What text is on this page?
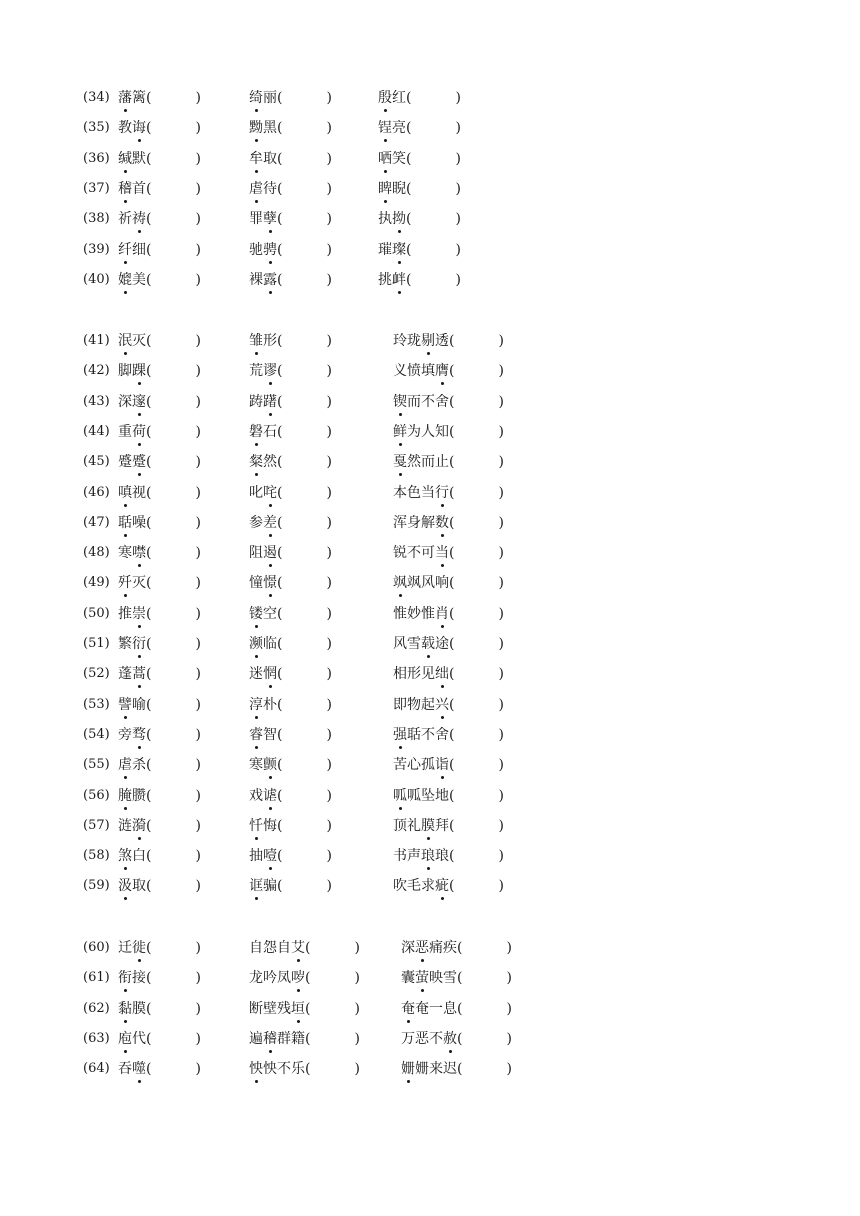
(34) 藩篱(	)	绮丽(	)	殷红(	)
(35) 教诲(	)	黝黑(	)	锃亮(	)
(36) 缄默(	)	牟取(	)	哂笑(	)
(37) 稽首(	)	虐待(	)	睥睨(	)
(38) 祈祷(	)	罪孽(	)	执拗(	)
(39) 纤细(	)	驰骋(	)	璀璨(	)
(40) 媲美(	)	裸露(	)	挑衅(	)
(41) 泯灭(	)	雏形(	)	玲珑剔透(	)
(42) 脚踝(	)	荒谬(	)	义愤填膺(	)
(43) 深邃(	)	踌躇(	)	锲而不舍(	)
(44) 重荷(	)	磐石(	)	鲜为人知(	)
(45) 蹙蹙(	)	粲然(	)	戛然而止(	)
(46) 嗔视(	)	叱咤(	)	本色当行(	)
(47) 聒噪(	)	参差(	)	浑身解数(	)
(48) 寒噤(	)	阻遏(	)	锐不可当(	)
(49) 歼灭(	)	憧憬(	)	飒飒风响(	)
(50) 推崇(	)	镂空(	)	惟妙惟肖(	)
(51) 繁衍(	)	濒临(	)	风雪载途(	)
(52) 蓬蒿(	)	迷惘(	)	相形见绌(	)
(53) 譬喻(	)	淳朴(	)	即物起兴(	)
(54) 旁骛(	)	睿智(	)	强聒不舍(	)
(55) 虐杀(	)	寒颤(	)	苦心孤诣(	)
(56) 腌臜(	)	戏谑(	)	呱呱坠地(	)
(57) 涟漪(	)	忏悔(	)	顶礼膜拜(	)
(58) 煞白(	)	抽噎(	)	书声琅琅(	)
(59) 汲取(	)	诓骗(	)	吹毛求疵(	)
(60) 迁徙(	)	自怨自艾(	)	深恶痛疾(	)
(61) 衔接(	)	龙吟凤哕(	)	囊萤映雪(	)
(62) 黏膜(	)	断壁残垣(	)	奄奄一息(	)
(63) 庖代(	)	遍稽群籍(	)	万恶不赦(	)
(64) 吞噬(	)	怏怏不乐(	)	姗姗来迟(	)
